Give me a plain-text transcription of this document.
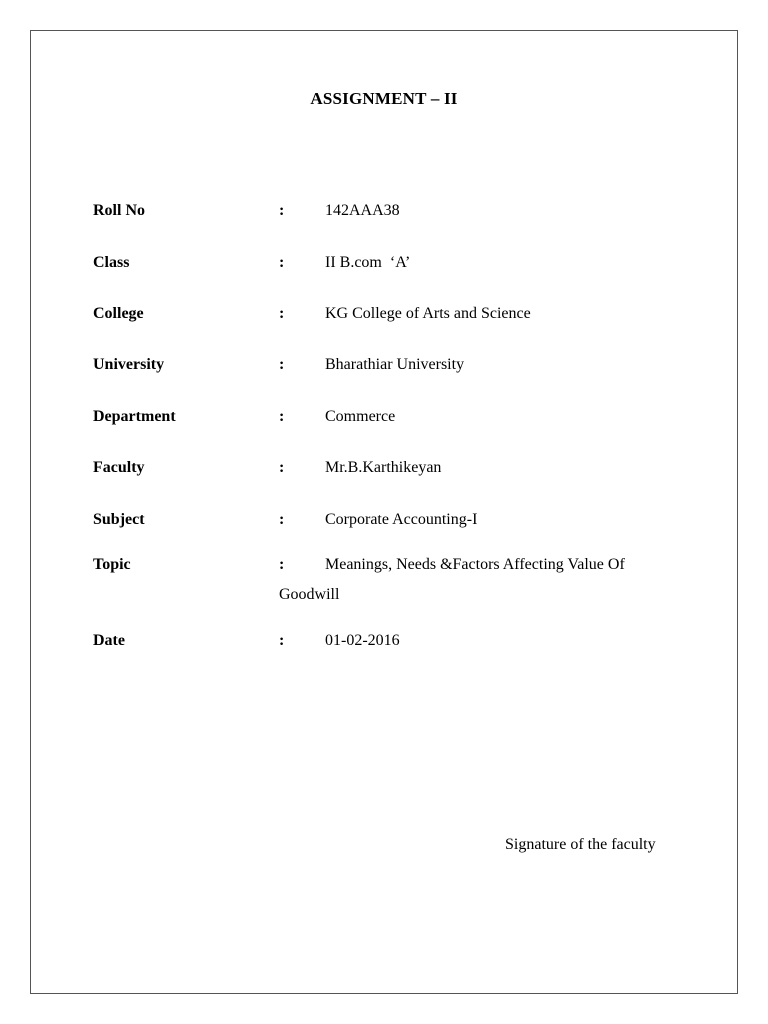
ASSIGNMENT – II
Roll No	:	142AAA38
Class	:	II B.com  ‘A’
College	:	KG College of Arts and Science
University	:	Bharathiar University
Department	:	Commerce
Faculty	:	Mr.B.Karthikeyan
Subject	:	Corporate Accounting-I
Topic	:	Meanings, Needs &Factors Affecting Value Of
Goodwill
Date	:	01-02-2016
Signature of the faculty
